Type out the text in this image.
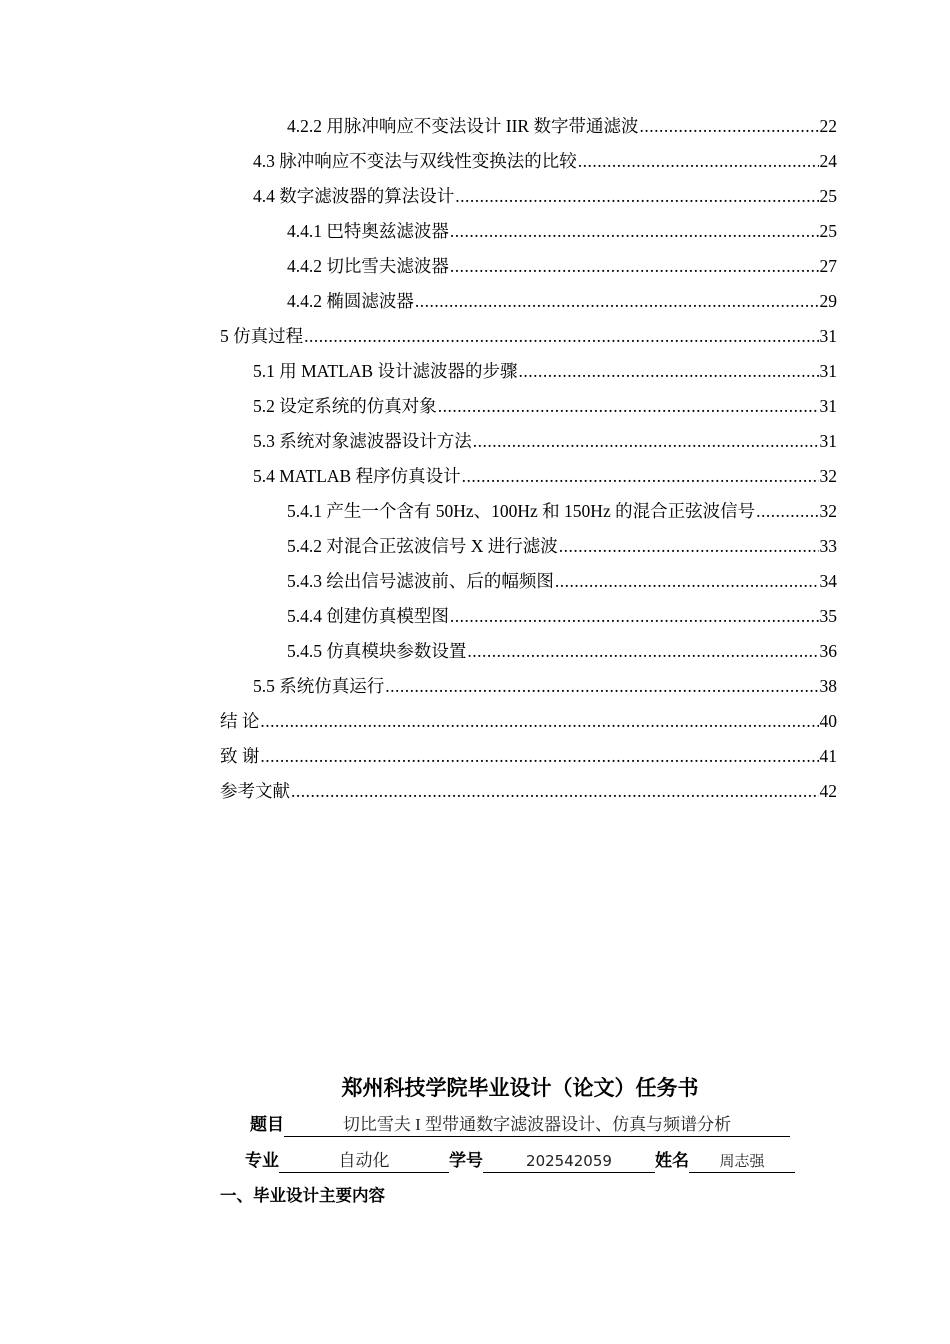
4.2.2 用脉冲响应不变法设计 IIR 数字带通滤波 .....	22
4.3 脉冲响应不变法与双线性变换法的比较 .....	24
4.4 数字滤波器的算法设计 .....	25
4.4.1 巴特奥兹滤波器 .....	25
4.4.2 切比雪夫滤波器 .....	27
4.4.2 椭圆滤波器 .....	29
5 仿真过程 .....	31
5.1 用 MATLAB 设计滤波器的步骤 .....	31
5.2 设定系统的仿真对象 .....	31
5.3 系统对象滤波器设计方法 .....	31
5.4 MATLAB 程序仿真设计 .....	32
5.4.1 产生一个含有 50Hz、100Hz 和 150Hz 的混合正弦波信号 .....	32
5.4.2 对混合正弦波信号 X 进行滤波 .....	33
5.4.3 绘出信号滤波前、后的幅频图 .....	34
5.4.4 创建仿真模型图 .....	35
5.4.5 仿真模块参数设置 .....	36
5.5 系统仿真运行 .....	38
结 论 .....	40
致 谢 .....	41
参考文献 .....	42
郑州科技学院毕业设计（论文）任务书
题目	切比雪夫 I 型带通数字滤波器设计、仿真与频谱分析
专业	自动化	学号	202542059	姓名 周志强
一、毕业设计主要内容
